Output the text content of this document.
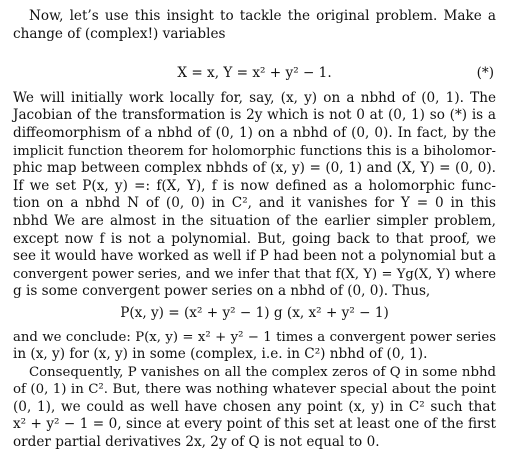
Now, let’s use this insight to tackle the original problem. Make a
change of (complex!) variables
X = x, Y = x² + y² − 1.	(*)
We will initially work locally for, say, (x, y) on a nbhd of (0, 1). The
Jacobian of the transformation is 2y which is not 0 at (0, 1) so (*) is a
diffeomorphism of a nbhd of (0, 1) on a nbhd of (0, 0). In fact, by the
implicit function theorem for holomorphic functions this is a biholomor-
phic map between complex nbhds of (x, y) = (0, 1) and (X, Y) = (0, 0).
If we set P(x, y) =: f(X, Y), f is now defined as a holomorphic func-
tion on a nbhd N of (0, 0) in C², and it vanishes for Y = 0 in this
nbhd We are almost in the situation of the earlier simpler problem,
except now f is not a polynomial. But, going back to that proof, we
see it would have worked as well if P had been not a polynomial but a
convergent power series, and we infer that that f(X, Y) = Yg(X, Y) where
g is some convergent power series on a nbhd of (0, 0). Thus,
P(x, y) = (x² + y² − 1) g (x, x² + y² − 1)
and we conclude: P(x, y) = x² + y² − 1 times a convergent power series
in (x, y) for (x, y) in some (complex, i.e. in C²) nbhd of (0, 1).
Consequently, P vanishes on all the complex zeros of Q in some nbhd
of (0, 1) in C². But, there was nothing whatever special about the point
(0, 1), we could as well have chosen any point (x, y) in C² such that
x² + y² − 1 = 0, since at every point of this set at least one of the first
order partial derivatives 2x, 2y of Q is not equal to 0.
